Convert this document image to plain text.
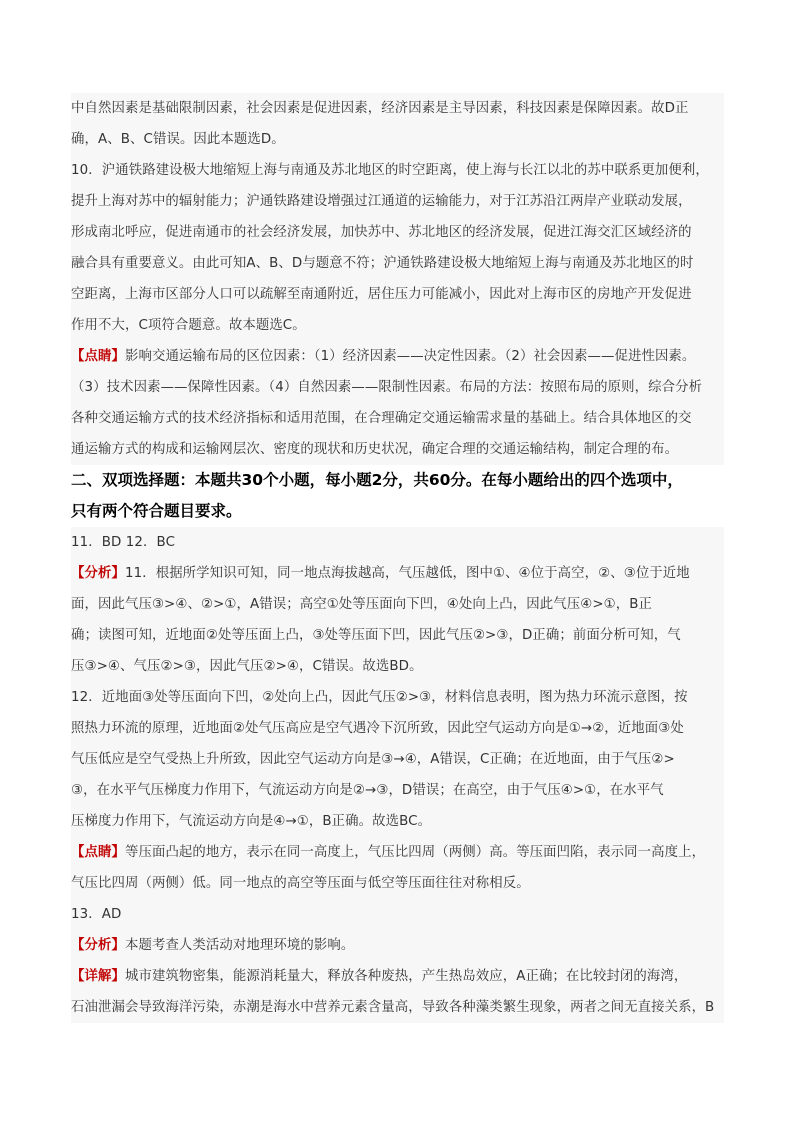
中自然因素是基础限制因素，社会因素是促进因素，经济因素是主导因素，科技因素是保障因素。故D正
确，A、B、C错误。因此本题选D。
10．沪通铁路建设极大地缩短上海与南通及苏北地区的时空距离，使上海与长江以北的苏中联系更加便利，
提升上海对苏中的辐射能力；沪通铁路建设增强过江通道的运输能力，对于江苏沿江两岸产业联动发展，
形成南北呼应，促进南通市的社会经济发展，加快苏中、苏北地区的经济发展，促进江海交汇区域经济的
融合具有重要意义。由此可知A、B、D与题意不符；沪通铁路建设极大地缩短上海与南通及苏北地区的时
空距离，上海市区部分人口可以疏解至南通附近，居住压力可能减小，因此对上海市区的房地产开发促进
作用不大，C项符合题意。故本题选C。
【点睛】影响交通运输布局的区位因素：（1）经济因素——决定性因素。（2）社会因素——促进性因素。
（3）技术因素——保障性因素。（4）自然因素——限制性因素。布局的方法：按照布局的原则，综合分析
各种交通运输方式的技术经济指标和适用范围，在合理确定交通运输需求量的基础上。结合具体地区的交
通运输方式的构成和运输网层次、密度的现状和历史状况，确定合理的交通运输结构，制定合理的布。
二、双项选择题：本题共30个小题，每小题2分，共60分。在每小题给出的四个选项中，
只有两个符合题目要求。
11．BD 12．BC
【分析】11．根据所学知识可知，同一地点海拔越高，气压越低，图中①、④位于高空，②、③位于近地
面，因此气压③>④、②>①，A错误；高空①处等压面向下凹，④处向上凸，因此气压④>①，B正
确；读图可知，近地面②处等压面上凸，③处等压面下凹，因此气压②>③，D正确；前面分析可知，气
压③>④、气压②>③，因此气压②>④，C错误。故选BD。
12．近地面③处等压面向下凹，②处向上凸，因此气压②>③，材料信息表明，图为热力环流示意图，按
照热力环流的原理，近地面②处气压高应是空气遇冷下沉所致，因此空气运动方向是①→②，近地面③处
气压低应是空气受热上升所致，因此空气运动方向是③→④，A错误，C正确；在近地面，由于气压②>
③，在水平气压梯度力作用下，气流运动方向是②→③，D错误；在高空，由于气压④>①，在水平气
压梯度力作用下，气流运动方向是④→①，B正确。故选BC。
【点睛】等压面凸起的地方，表示在同一高度上，气压比四周（两侧）高。等压面凹陷，表示同一高度上，
气压比四周（两侧）低。同一地点的高空等压面与低空等压面往往对称相反。
13．AD
【分析】本题考查人类活动对地理环境的影响。
【详解】城市建筑物密集，能源消耗量大，释放各种废热，产生热岛效应，A正确；在比较封闭的海湾，
石油泄漏会导致海洋污染，赤潮是海水中营养元素含量高，导致各种藻类繁生现象，两者之间无直接关系，B
